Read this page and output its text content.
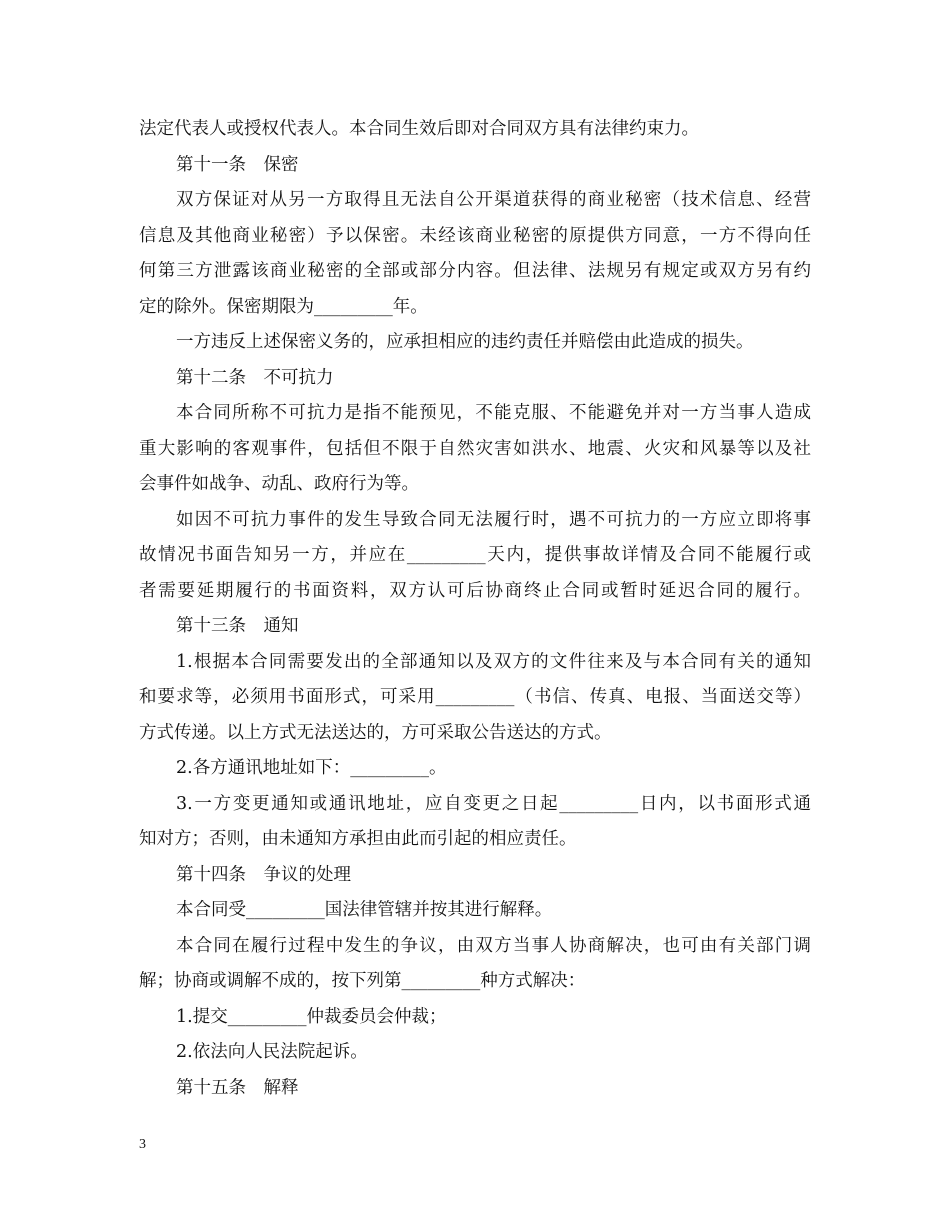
法定代表人或授权代表人。本合同生效后即对合同双方具有法律约束力。
第十一条　保密
双方保证对从另一方取得且无法自公开渠道获得的商业秘密（技术信息、经营
信息及其他商业秘密）予以保密。未经该商业秘密的原提供方同意，一方不得向任
何第三方泄露该商业秘密的全部或部分内容。但法律、法规另有规定或双方另有约
定的除外。保密期限为_________年。
一方违反上述保密义务的，应承担相应的违约责任并赔偿由此造成的损失。
第十二条　不可抗力
本合同所称不可抗力是指不能预见，不能克服、不能避免并对一方当事人造成
重大影响的客观事件，包括但不限于自然灾害如洪水、地震、火灾和风暴等以及社
会事件如战争、动乱、政府行为等。
如因不可抗力事件的发生导致合同无法履行时，遇不可抗力的一方应立即将事
故情况书面告知另一方，并应在_________天内，提供事故详情及合同不能履行或
者需要延期履行的书面资料，双方认可后协商终止合同或暂时延迟合同的履行。
第十三条　通知
1.根据本合同需要发出的全部通知以及双方的文件往来及与本合同有关的通知
和要求等，必须用书面形式，可采用_________（书信、传真、电报、当面送交等）
方式传递。以上方式无法送达的，方可采取公告送达的方式。
2.各方通讯地址如下：_________。
3.一方变更通知或通讯地址，应自变更之日起_________日内，以书面形式通
知对方；否则，由未通知方承担由此而引起的相应责任。
第十四条　争议的处理
本合同受_________国法律管辖并按其进行解释。
本合同在履行过程中发生的争议，由双方当事人协商解决，也可由有关部门调
解；协商或调解不成的，按下列第_________种方式解决：
1.提交_________仲裁委员会仲裁；
2.依法向人民法院起诉。
第十五条　解释
3
